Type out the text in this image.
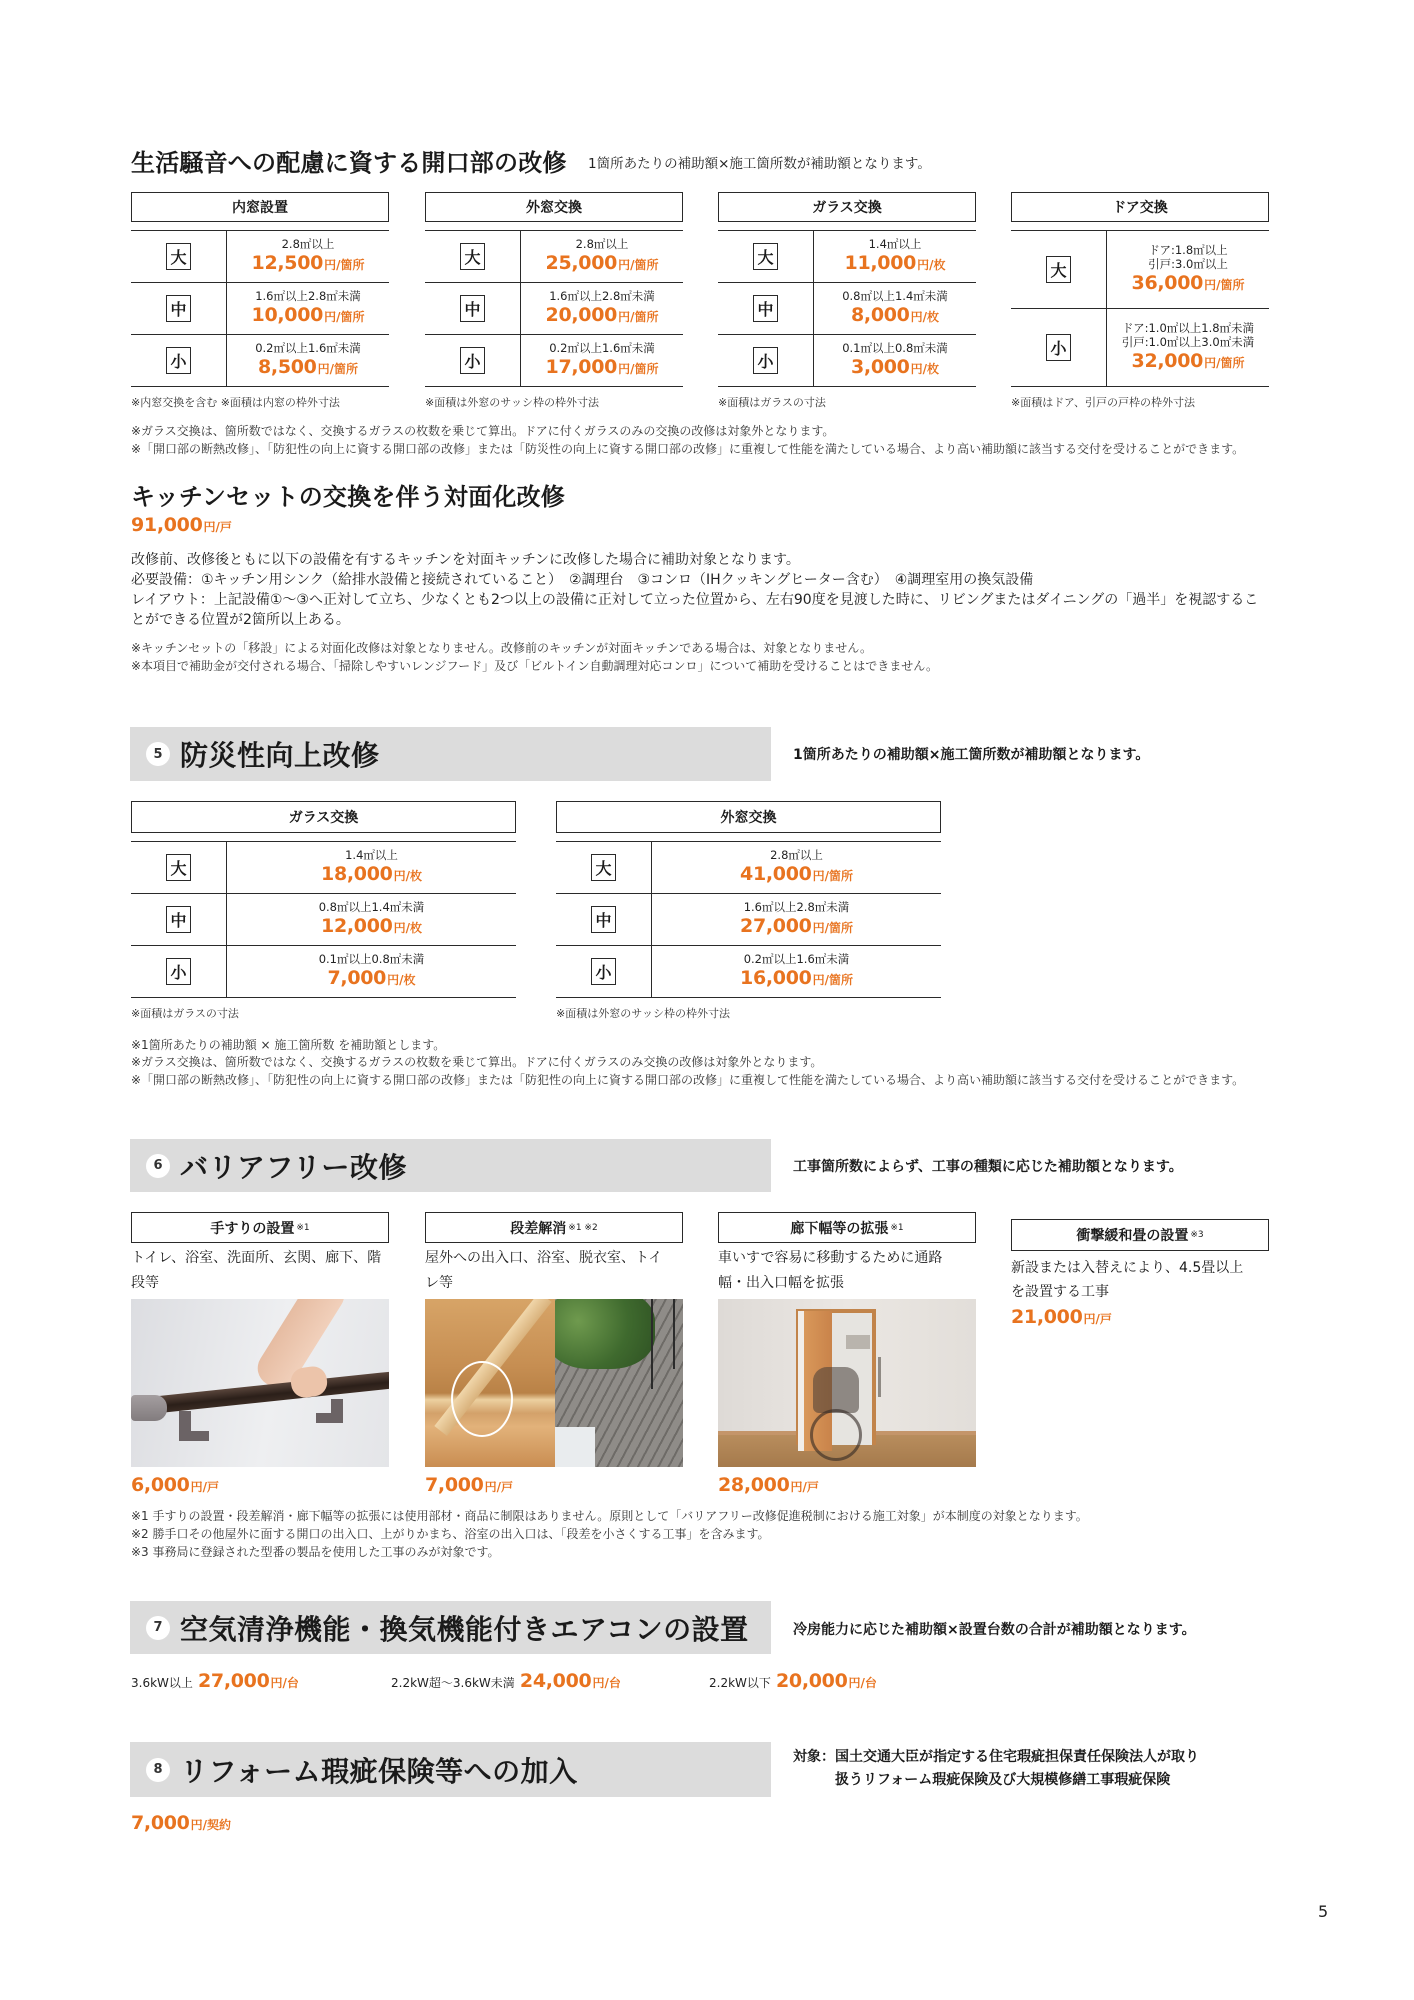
生活騒音への配慮に資する開口部の改修 1箇所あたりの補助額×施工箇所数が補助額となります。
内窓設置
大
2.8㎡以上
12,500円/箇所
中
1.6㎡以上2.8㎡未満
10,000円/箇所
小
0.2㎡以上1.6㎡未満
8,500円/箇所
※内窓交換を含む ※面積は内窓の枠外寸法
外窓交換
大
2.8㎡以上
25,000円/箇所
中
1.6㎡以上2.8㎡未満
20,000円/箇所
小
0.2㎡以上1.6㎡未満
17,000円/箇所
※面積は外窓のサッシ枠の枠外寸法
ガラス交換
大
1.4㎡以上
11,000円/枚
中
0.8㎡以上1.4㎡未満
8,000円/枚
小
0.1㎡以上0.8㎡未満
3,000円/枚
※面積はガラスの寸法
ドア交換
大
ドア:1.8㎡以上
引戸:3.0㎡以上
36,000円/箇所
小
ドア:1.0㎡以上1.8㎡未満
引戸:1.0㎡以上3.0㎡未満
32,000円/箇所
※面積はドア、引戸の戸枠の枠外寸法
※ガラス交換は、箇所数ではなく、交換するガラスの枚数を乗じて算出。ドアに付くガラスのみの交換の改修は対象外となります。
※「開口部の断熱改修」、「防犯性の向上に資する開口部の改修」または「防災性の向上に資する開口部の改修」に重複して性能を満たしている場合、より高い補助額に該当する交付を受けることができます。
キッチンセットの交換を伴う対面化改修
91,000円/戸
改修前、改修後ともに以下の設備を有するキッチンを対面キッチンに改修した場合に補助対象となります。
必要設備：①キッチン用シンク（給排水設備と接続されていること）　②調理台　③コンロ（IHクッキングヒーター含む）　④調理室用の換気設備
レイアウト：上記設備①～③へ正対して立ち、少なくとも2つ以上の設備に正対して立った位置から、左右90度を見渡した時に、リビングまたはダイニングの「過半」を視認するこ
とができる位置が2箇所以上ある。
※キッチンセットの「移設」による対面化改修は対象となりません。改修前のキッチンが対面キッチンである場合は、対象となりません。
※本項目で補助金が交付される場合、「掃除しやすいレンジフード」及び「ビルトイン自動調理対応コンロ」について補助を受けることはできません。
5 防災性向上改修	1箇所あたりの補助額×施工箇所数が補助額となります。
ガラス交換
大
1.4㎡以上
18,000円/枚
中
0.8㎡以上1.4㎡未満
12,000円/枚
小
0.1㎡以上0.8㎡未満
7,000円/枚
※面積はガラスの寸法
外窓交換
大
2.8㎡以上
41,000円/箇所
中
1.6㎡以上2.8㎡未満
27,000円/箇所
小
0.2㎡以上1.6㎡未満
16,000円/箇所
※面積は外窓のサッシ枠の枠外寸法
※1箇所あたりの補助額 × 施工箇所数 を補助額とします。
※ガラス交換は、箇所数ではなく、交換するガラスの枚数を乗じて算出。ドアに付くガラスのみ交換の改修は対象外となります。
※「開口部の断熱改修」、「防犯性の向上に資する開口部の改修」または「防犯性の向上に資する開口部の改修」に重複して性能を満たしている場合、より高い補助額に該当する交付を受けることができます。
6 バリアフリー改修	工事箇所数によらず、工事の種類に応じた補助額となります。
手すりの設置 ※1
トイレ、浴室、洗面所、玄関、廊下、階
段等
6,000円/戸
段差解消 ※1 ※2
屋外への出入口、浴室、脱衣室、トイ
レ等
7,000円/戸
廊下幅等の拡張 ※1
車いすで容易に移動するために通路
幅・出入口幅を拡張
28,000円/戸
衝撃緩和畳の設置 ※3
新設または入替えにより、4.5畳以上
を設置する工事
21,000円/戸
※1 手すりの設置・段差解消・廊下幅等の拡張には使用部材・商品に制限はありません。原則として「バリアフリー改修促進税制における施工対象」が本制度の対象となります。
※2 勝手口その他屋外に面する開口の出入口、上がりかまち、浴室の出入口は、「段差を小さくする工事」を含みます。
※3 事務局に登録された型番の製品を使用した工事のみが対象です。
7 空気清浄機能・換気機能付きエアコンの設置	冷房能力に応じた補助額×設置台数の合計が補助額となります。
3.6kW以上 27,000円/台	2.2kW超～3.6kW未満 24,000円/台	2.2kW以下 20,000円/台
8 リフォーム瑕疵保険等への加入	対象： 国土交通大臣が指定する住宅瑕疵担保責任保険法人が取り
扱うリフォーム瑕疵保険及び大規模修繕工事瑕疵保険
7,000円/契約
5
